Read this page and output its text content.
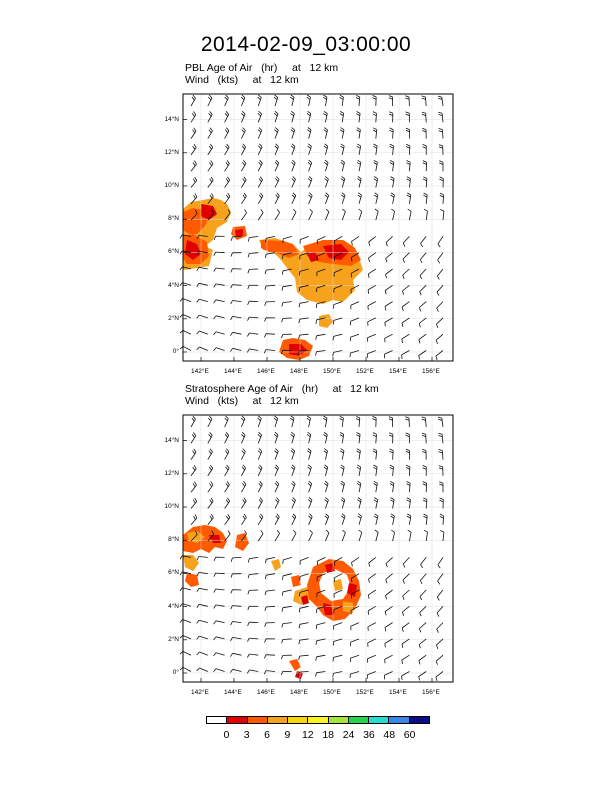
2014-02-09_03:00:00
PBL Age of Air   (hr)     at   12 km
Wind   (kts)     at   12 km
Stratosphere Age of Air   (hr)     at   12 km
Wind   (kts)     at   12 km
142°E 144°E 146°E 148°E 150°E 152°E 154°E 156°E
14°N
12°N
10°N
8°N
6°N
4°N
2°N
0°
142°E 144°E 146°E 148°E 150°E 152°E 154°E 156°E
14°N
12°N
10°N
8°N
6°N
4°N
2°N
0°
0 3 6 9 12 18 24 36 48 60
